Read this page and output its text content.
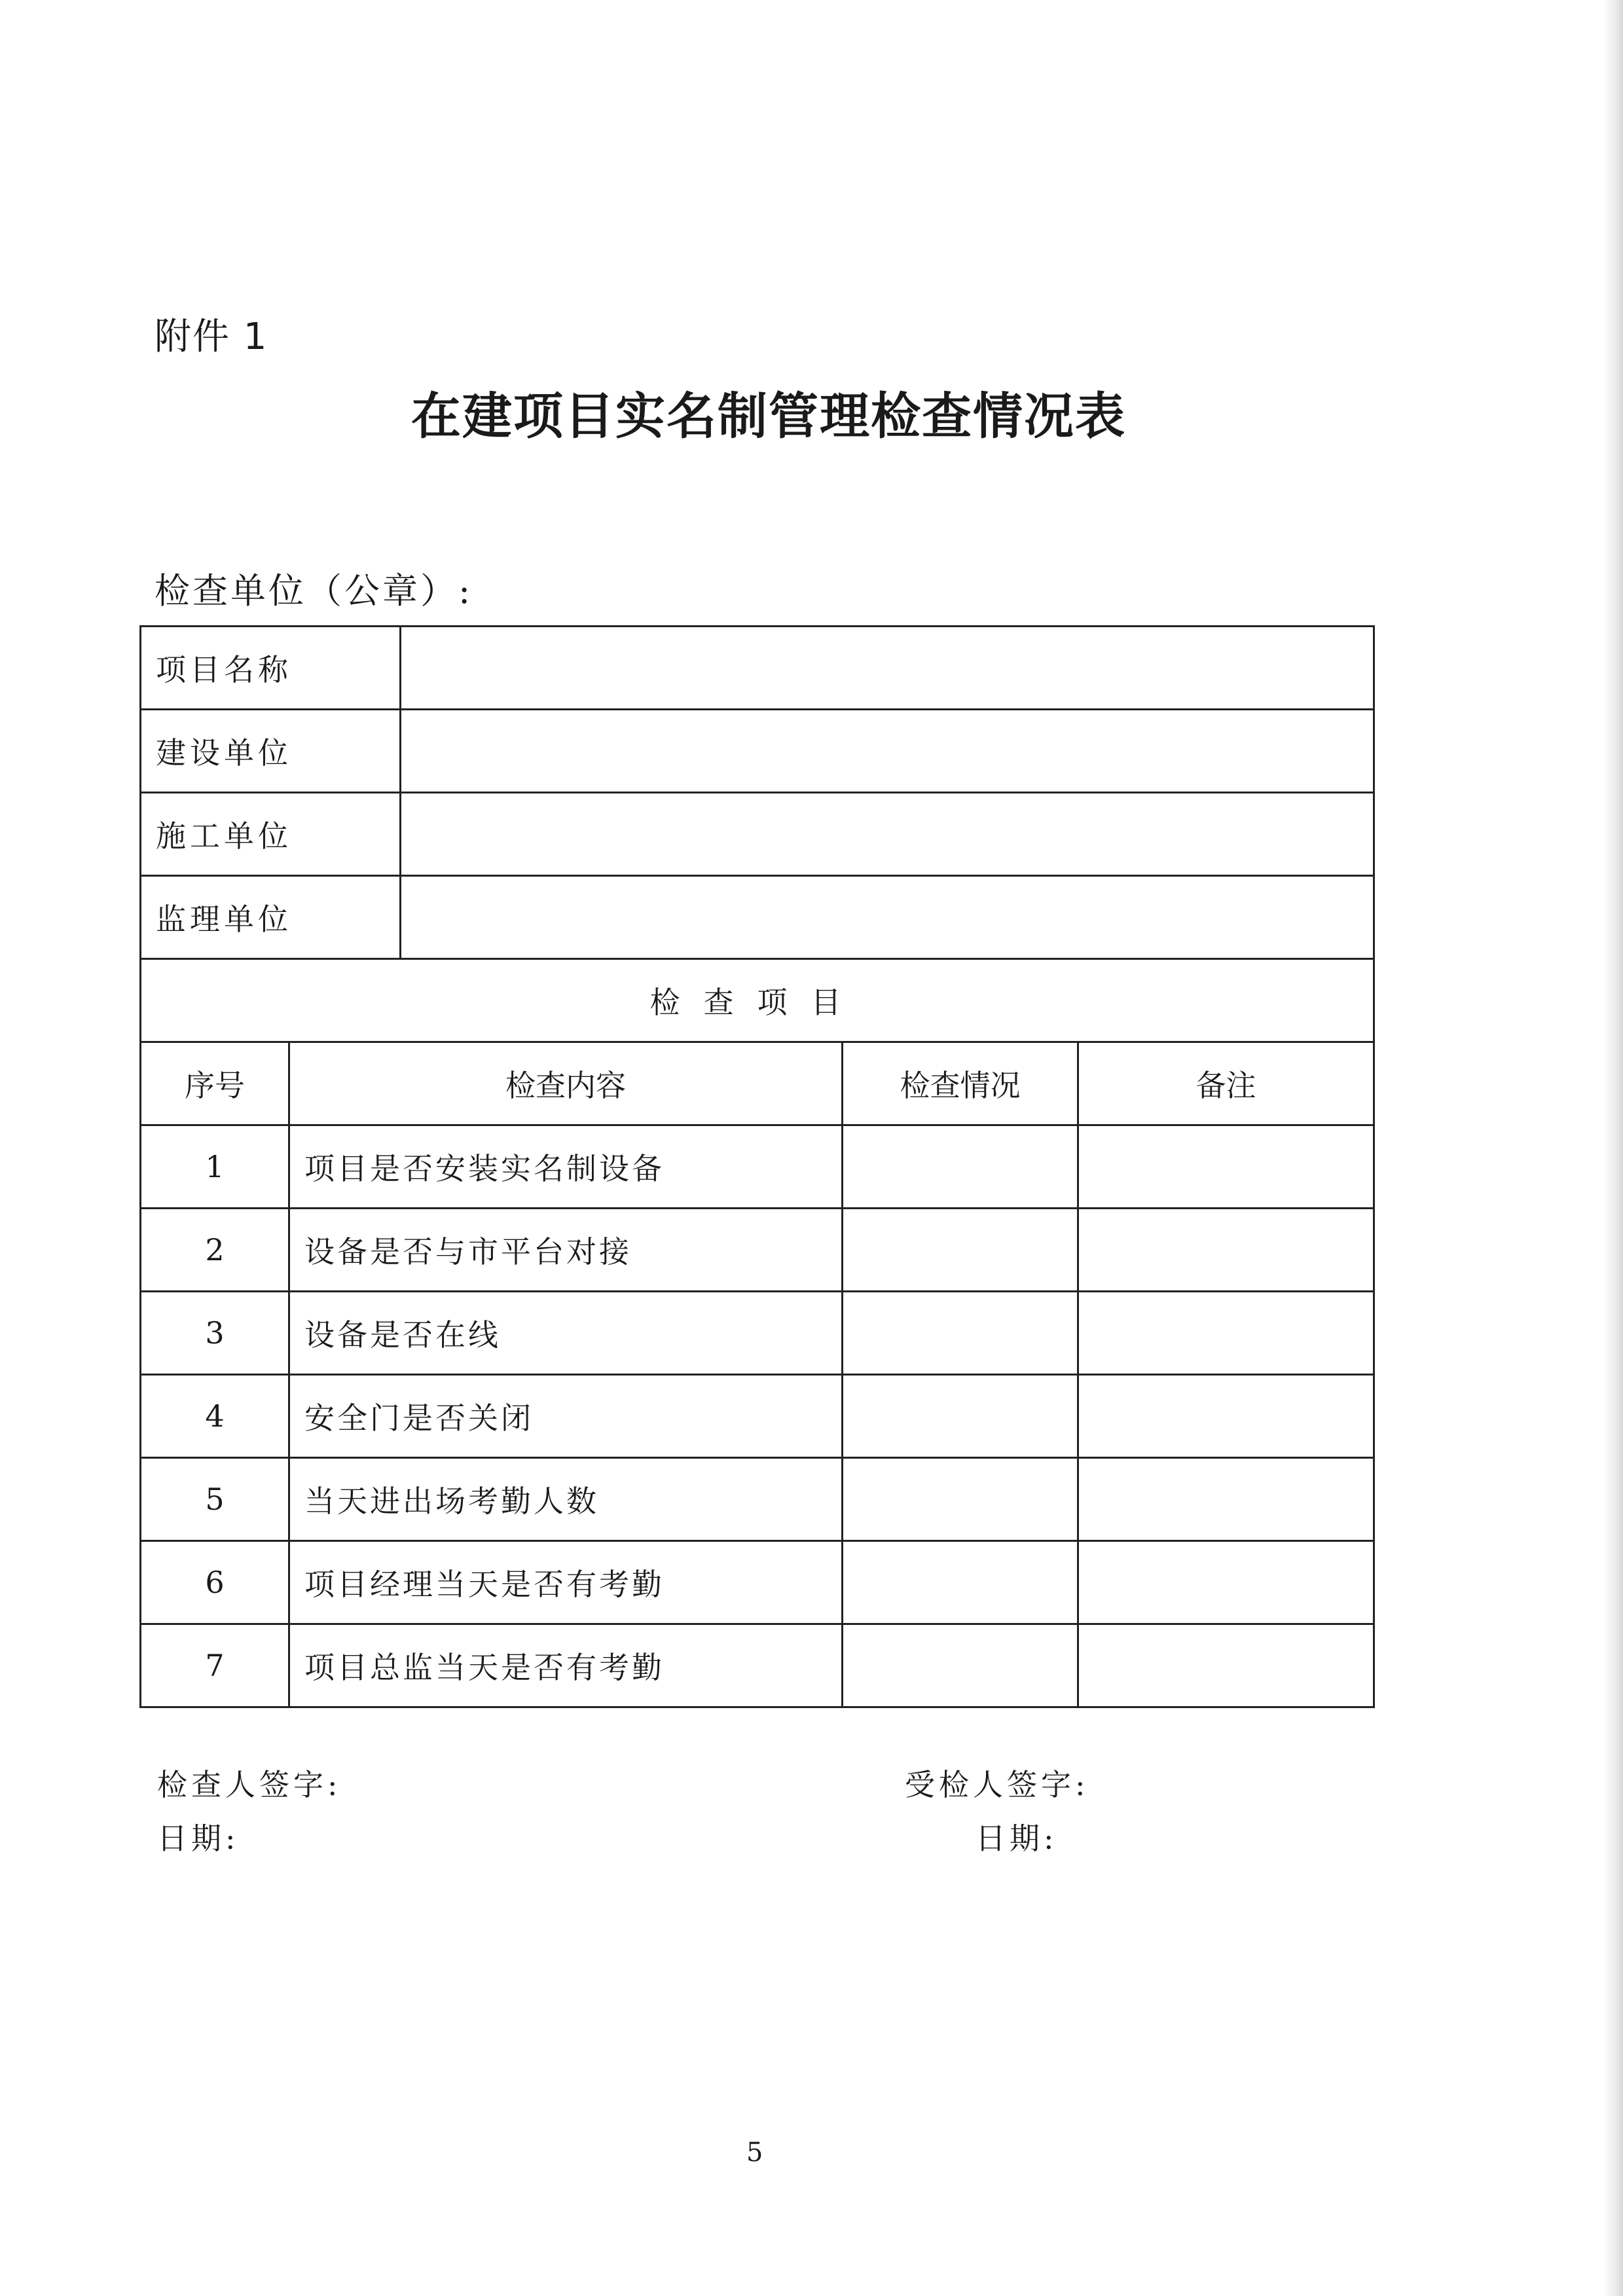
附件 1
在建项目实名制管理检查情况表
检查单位（公章）:
项目名称
建设单位
施工单位
监理单位
检查项目
序号	检查内容	检查情况	备注
1	项目是否安装实名制设备
2	设备是否与市平台对接
3	设备是否在线
4	安全门是否关闭
5	当天进出场考勤人数
6	项目经理当天是否有考勤
7	项目总监当天是否有考勤
检查人签字:
日期:
受检人签字:
日期:
5
